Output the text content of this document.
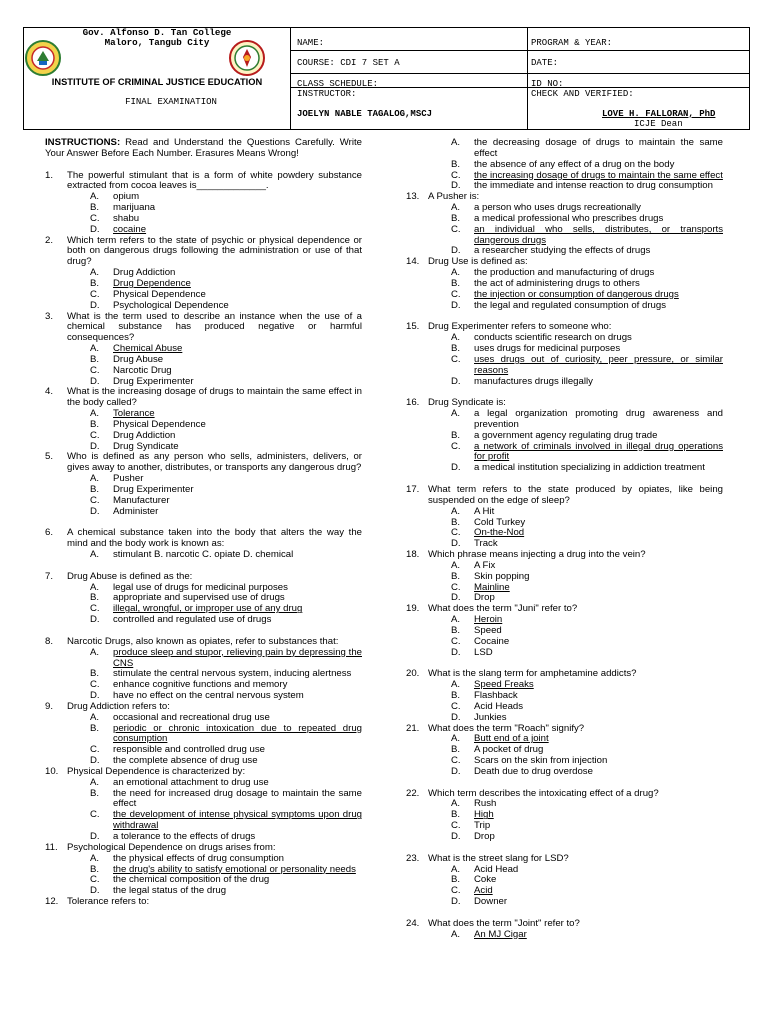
Gov. Alfonso D. Tan College
Maloro, Tangub City
INSTITUTE OF CRIMINAL JUSTICE EDUCATION
FINAL EXAMINATION
NAME:	PROGRAM & YEAR:
COURSE: CDI 7 SET A	DATE:
CLASS SCHEDULE:	ID NO:
INSTRUCTOR:	CHECK AND VERIFIED:
JOELYN NABLE TAGALOG,MSCJ	LOVE H. FALLORAN, PhD
ICJE Dean
INSTRUCTIONS: Read and Understand the Questions Carefully. Write Your Answer Before Each Number. Erasures Means Wrong!
1. The powerful stimulant that is a form of white powdery substance extracted from cocoa leaves is_____________.
A. opium
B. marijuana
C. shabu
D. cocaine
2. Which term refers to the state of psychic or physical dependence or both on dangerous drugs following the administration or use of that drug?
A. Drug Addiction
B. Drug Dependence
C. Physical Dependence
D. Psychological Dependence
3. What is the term used to describe an instance when the use of a chemical substance has produced negative or harmful consequences?
A. Chemical Abuse
B. Drug Abuse
C. Narcotic Drug
D. Drug Experimenter
4. What is the increasing dosage of drugs to maintain the same effect in the body called?
A. Tolerance
B. Physical Dependence
C. Drug Addiction
D. Drug Syndicate
5. Who is defined as any person who sells, administers, delivers, or gives away to another, distributes, or transports any dangerous drug?
A. Pusher
B. Drug Experimenter
C. Manufacturer
D. Administer
6. A chemical substance taken into the body that alters the way the mind and the body work is known as:
A. stimulant B. narcotic C. opiate D. chemical
7. Drug Abuse is defined as the:
A. legal use of drugs for medicinal purposes
B. appropriate and supervised use of drugs
C. illegal, wrongful, or improper use of any drug
D. controlled and regulated use of drugs
8. Narcotic Drugs, also known as opiates, refer to substances that:
A. produce sleep and stupor, relieving pain by depressing the CNS
B. stimulate the central nervous system, inducing alertness
C. enhance cognitive functions and memory
D. have no effect on the central nervous system
9. Drug Addiction refers to:
A. occasional and recreational drug use
B. periodic or chronic intoxication due to repeated drug consumption
C. responsible and controlled drug use
D. the complete absence of drug use
10. Physical Dependence is characterized by:
A. an emotional attachment to drug use
B. the need for increased drug dosage to maintain the same effect
C. the development of intense physical symptoms upon drug withdrawal
D. a tolerance to the effects of drugs
11. Psychological Dependence on drugs arises from:
A. the physical effects of drug consumption
B. the drug's ability to satisfy emotional or personality needs
C. the chemical composition of the drug
D. the legal status of the drug
12. Tolerance refers to:
A. the decreasing dosage of drugs to maintain the same effect
B. the absence of any effect of a drug on the body
C. the increasing dosage of drugs to maintain the same effect
D. the immediate and intense reaction to drug consumption
13. A Pusher is:
A. a person who uses drugs recreationally
B. a medical professional who prescribes drugs
C. an individual who sells, distributes, or transports dangerous drugs
D. a researcher studying the effects of drugs
14. Drug Use is defined as:
A. the production and manufacturing of drugs
B. the act of administering drugs to others
C. the injection or consumption of dangerous drugs
D. the legal and regulated consumption of drugs
15. Drug Experimenter refers to someone who:
A. conducts scientific research on drugs
B. uses drugs for medicinal purposes
C. uses drugs out of curiosity, peer pressure, or similar reasons
D. manufactures drugs illegally
16. Drug Syndicate is:
A. a legal organization promoting drug awareness and prevention
B. a government agency regulating drug trade
C. a network of criminals involved in illegal drug operations for profit
D. a medical institution specializing in addiction treatment
17. What term refers to the state produced by opiates, like being suspended on the edge of sleep?
A. A Hit
B. Cold Turkey
C. On-the-Nod
D. Track
18. Which phrase means injecting a drug into the vein?
A. A Fix
B. Skin popping
C. Mainline
D. Drop
19. What does the term "Juni" refer to?
A. Heroin
B. Speed
C. Cocaine
D. LSD
20. What is the slang term for amphetamine addicts?
A. Speed Freaks
B. Flashback
C. Acid Heads
D. Junkies
21. What does the term "Roach" signify?
A. Butt end of a joint
B. A pocket of drug
C. Scars on the skin from injection
D. Death due to drug overdose
22. Which term describes the intoxicating effect of a drug?
A. Rush
B. High
C. Trip
D. Drop
23. What is the street slang for LSD?
A. Acid Head
B. Coke
C. Acid
D. Downer
24. What does the term "Joint" refer to?
A. An MJ Cigar
